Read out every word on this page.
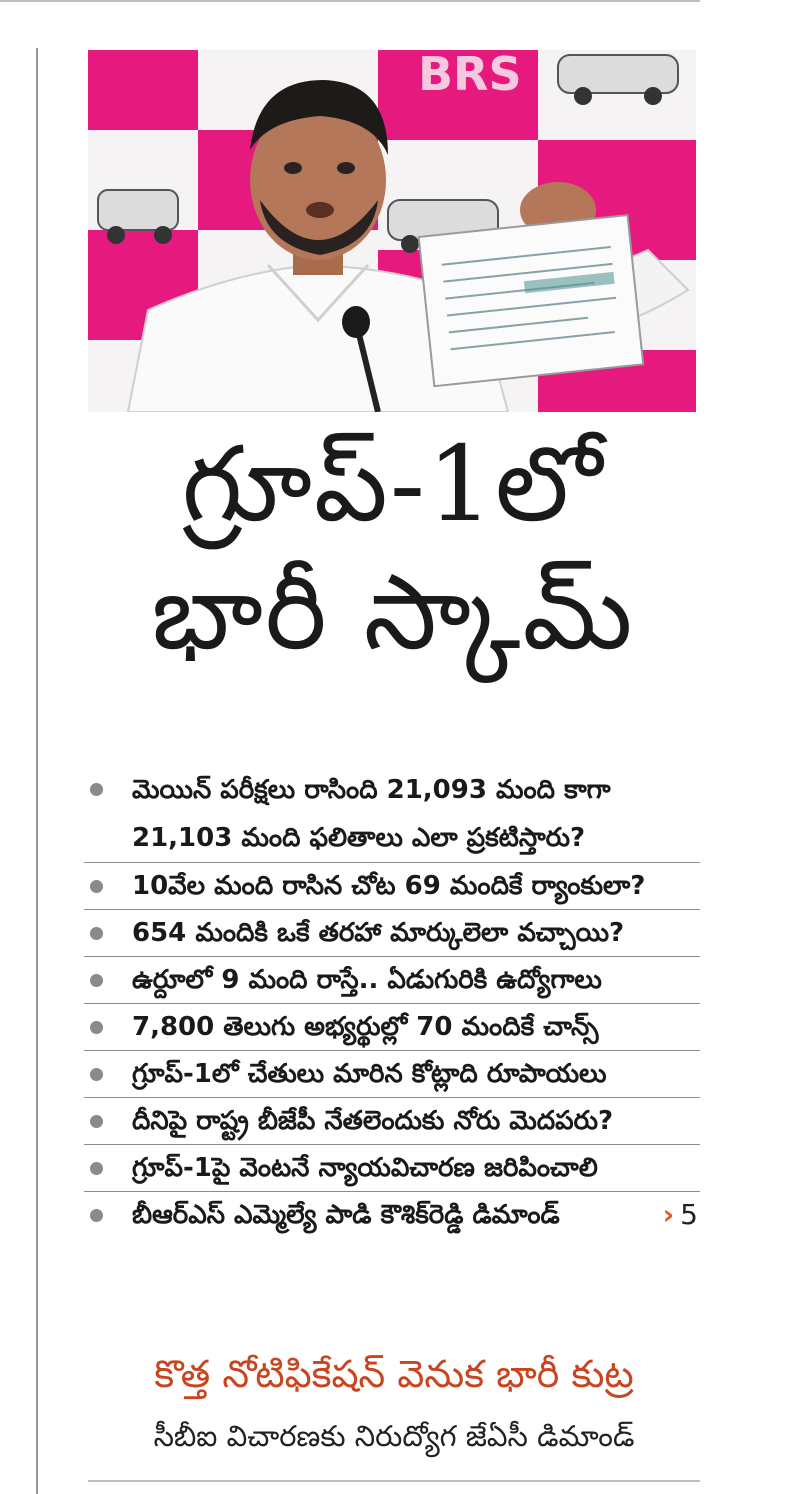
BRS
గ్రూప్‌-1లో
భారీ స్కామ్‌
మెయిన్‌ పరీక్షలు రాసింది 21,093 మంది కాగా
21,103 మంది ఫలితాలు ఎలా ప్రకటిస్తారు?
10వేల మంది రాసిన చోట 69 మందికే ర్యాంకులా?
654 మందికి ఒకే తరహా మార్కులెలా వచ్చాయి?
ఉర్దూలో 9 మంది రాస్తే.. ఏడుగురికి ఉద్యోగాలు
7,800 తెలుగు అభ్యర్థుల్లో 70 మందికే చాన్స్‌
గ్రూప్‌-1లో చేతులు మారిన కోట్లాది రూపాయలు
దీనిపై రాష్ట్ర బీజేపీ నేతలెందుకు నోరు మెదపరు?
గ్రూప్‌-1పై వెంటనే న్యాయవిచారణ జరిపించాలి
బీఆర్‌ఎస్‌ ఎమ్మెల్యే పాడి కౌశిక్‌రెడ్డి డిమాండ్‌	› 5
కొత్త నోటిఫికేషన్‌ వెనుక భారీ కుట్ర
సీబీఐ విచారణకు నిరుద్యోగ జేఏసీ డిమాండ్‌
